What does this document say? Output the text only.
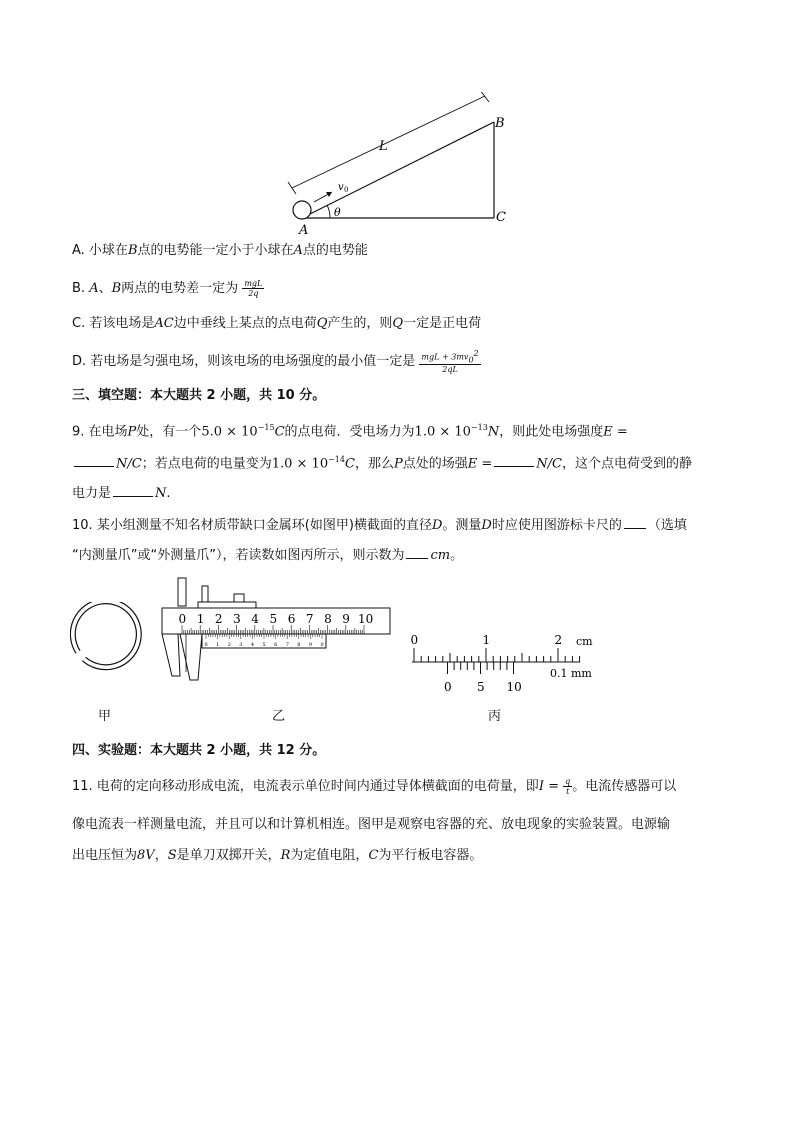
L
B
C
A
v 0
θ
A. 小球在B点的电势能一定小于小球在A点的电势能
B. A、B两点的电势差一定为 $\frac{\text{mgL}}{2q}$
C. 若该电场是AC边中垂线上某点的点电荷Q产生的，则Q一定是正电荷
D. 若电场是匀强电场，则该电场的电场强度的最小值一定是 $\frac{mgL + 3mv_0^2}{2qL}$
三、填空题：本大题共 2 小题，共 10 分。
9. 在电场P处，有一个$5.0 \times 10^{-15}C$的点电荷．受电场力为$1.0 \times 10^{-13}N$，则此处电场强度E =
N/C；若点电荷的电量变为$1.0 \times 10^{-14}C$，那么P点处的场强E =	N/C，这个点电荷受到的静
电力是	N.
10. 某小组测量不知名材质带缺口金属环(如图甲)横截面的直径D。测量D时应使用图游标卡尺的 （选填
“内测量爪”或“外测量爪”），若读数如图丙所示，则示数为 cm。
0 1 2 3 4 5 6 7 8 9 10
0 1 2 3 4 5 6 7 8 9 0	0	1	2 cm
0 5 10
0.1 mm
甲	乙	丙
四、实验题：本大题共 2 小题，共 12 分。
11. 电荷的定向移动形成电流，电流表示单位时间内通过导体横截面的电荷量，即$I = \frac{q}{t}$ 。电流传感器可以
像电流表一样测量电流，并且可以和计算机相连。图甲是观察电容器的充、放电现象的实验装置。电源输
出电压恒为8V，S是单刀双掷开关，R为定值电阻，C为平行板电容器。
